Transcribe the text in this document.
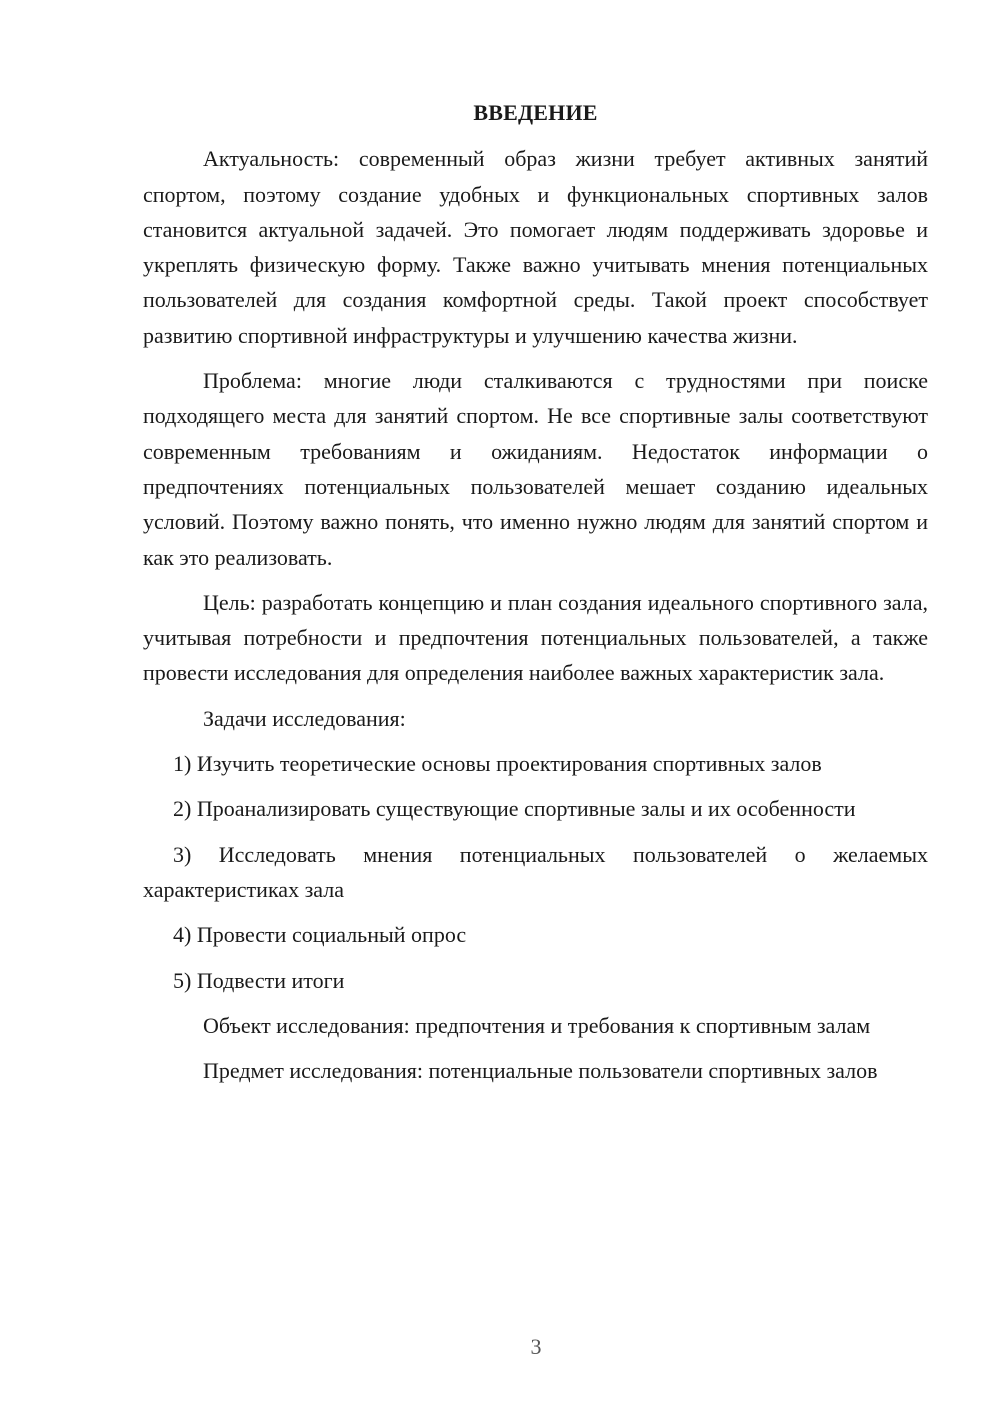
ВВЕДЕНИЕ

Актуальность: современный образ жизни требует активных занятий спортом, поэтому создание удобных и функциональных спортивных залов становится актуальной задачей. Это помогает людям поддерживать здоровье и укреплять физическую форму. Также важно учитывать мнения потенциальных пользователей для создания комфортной среды. Такой проект способствует развитию спортивной инфраструктуры и улучшению качества жизни.

Проблема: многие люди сталкиваются с трудностями при поиске подходящего места для занятий спортом. Не все спортивные залы соответствуют современным требованиям и ожиданиям. Недостаток информации о предпочтениях потенциальных пользователей мешает созданию идеальных условий. Поэтому важно понять, что именно нужно людям для занятий спортом и как это реализовать.

Цель: разработать концепцию и план создания идеального спортивного зала, учитывая потребности и предпочтения потенциальных пользователей, а также провести исследования для определения наиболее важных характеристик зала.

Задачи исследования:

1) Изучить теоретические основы проектирования спортивных залов

2) Проанализировать существующие спортивные залы и их особенности

3) Исследовать мнения потенциальных пользователей о желаемых характеристиках зала

4) Провести социальный опрос

5) Подвести итоги

Объект исследования: предпочтения и требования к спортивным залам

Предмет исследования: потенциальные пользователи спортивных залов

3
